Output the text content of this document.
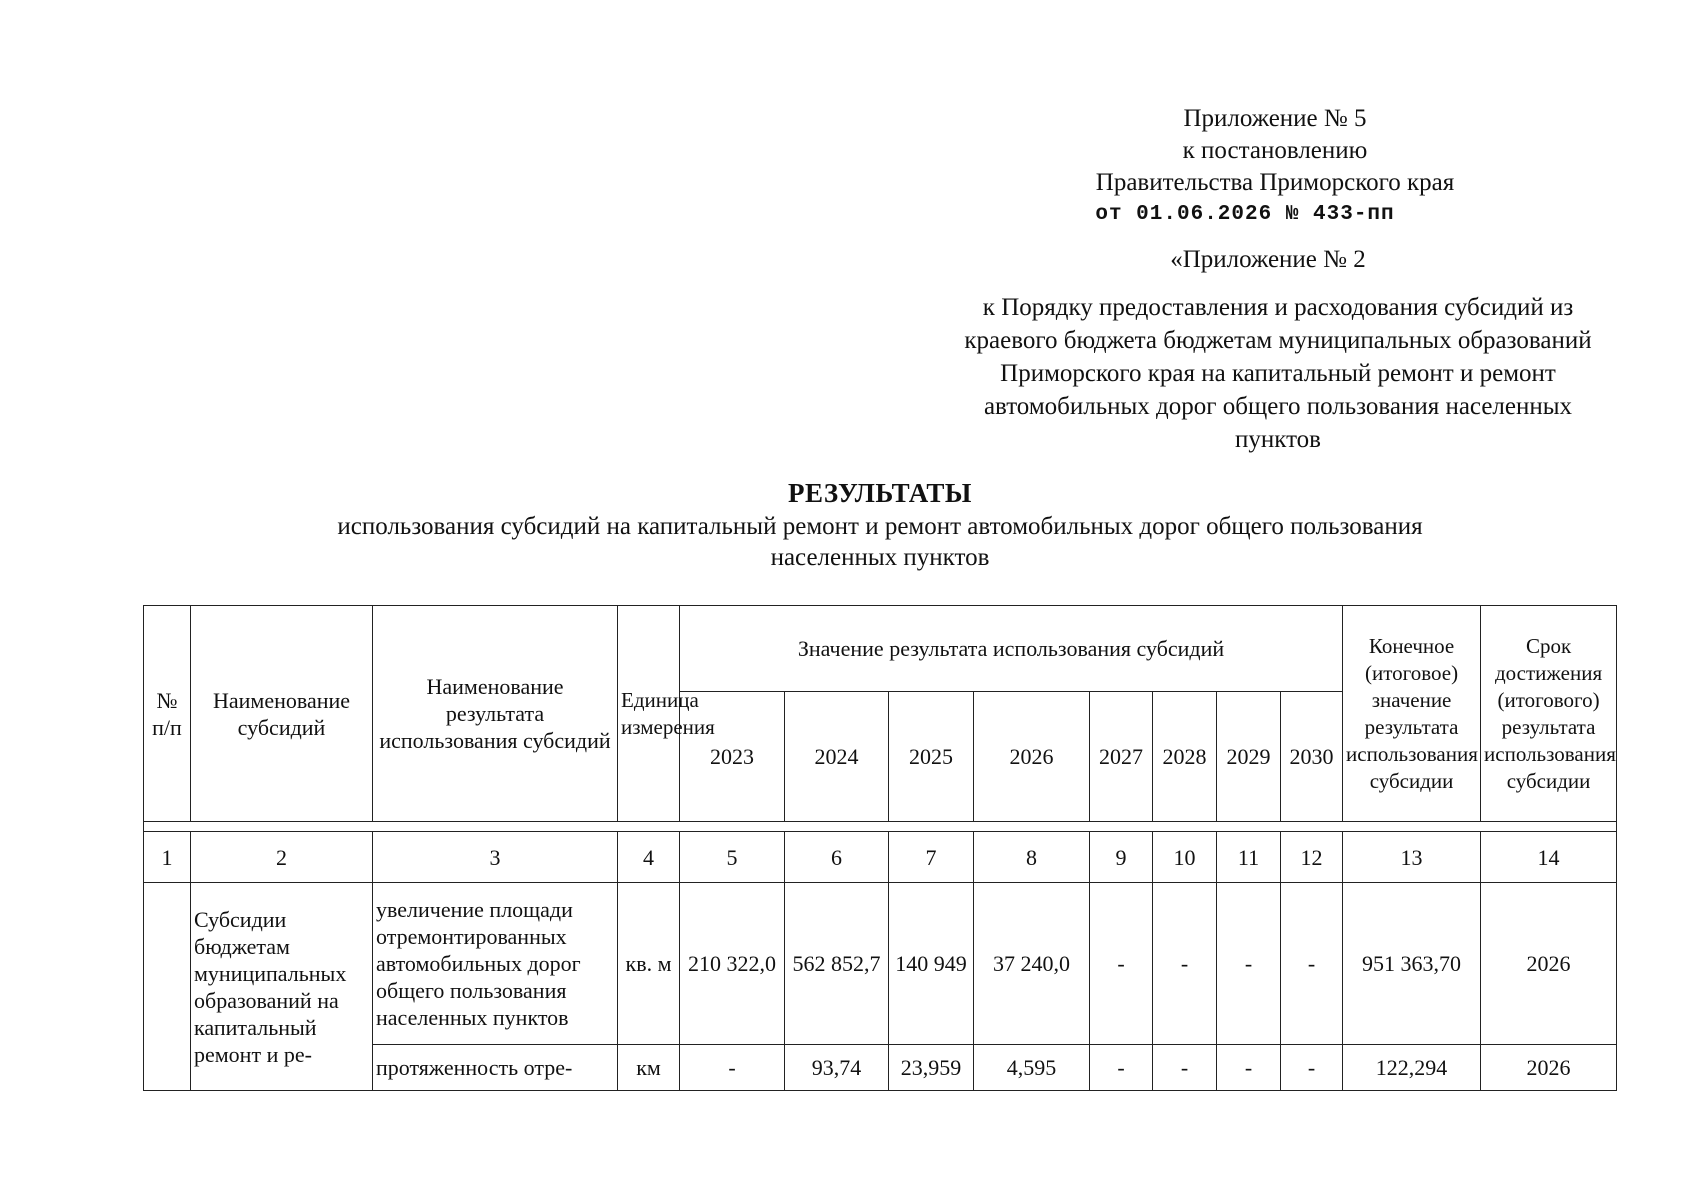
Приложение № 5
к постановлению
Правительства Приморского края
от 01.06.2026 № 433-пп
«Приложение № 2
к Порядку предоставления и расходования субсидий из
краевого бюджета бюджетам муниципальных образований
Приморского края на капитальный ремонт и ремонт
автомобильных дорог общего пользования населенных
пунктов
РЕЗУЛЬТАТЫ
использования субсидий на капитальный ремонт и ремонт автомобильных дорог общего пользования
населенных пунктов
№ п/п	Наименование субсидий	Наименование результата использования субсидий	Единица измерения	Значение результата использования субсидий								Конечное (итоговое) значение результата использования субсидии	Срок достижения (итогового) результата использования субсидии
				2023	2024	2025	2026	2027	2028	2029	2030		

1	2	3	4	5	6	7	8	9	10	11	12	13	14
	Субсидии бюджетам муниципальных образований на капитальный ремонт и ре-	увеличение площади отремонтированных автомобильных дорог общего пользования населенных пунктов	кв. м	210 322,0	562 852,7	140 949	37 240,0	-	-	-	-	951 363,70	2026
		протяженность отре-	км	-	93,74	23,959	4,595	-	-	-	-	122,294	2026
